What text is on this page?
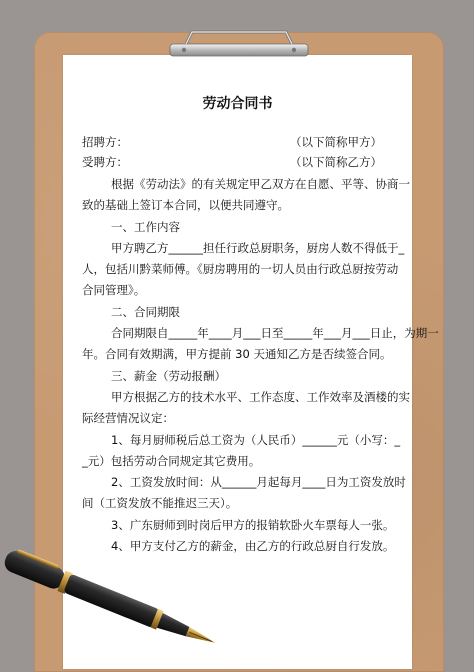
劳动合同书
招聘方：	（以下简称甲方）
受聘方：	（以下简称乙方）
根据《劳动法》的有关规定甲乙双方在自愿、平等、协商一
致的基础上签订本合同，以便共同遵守。
一、工作内容
甲方聘乙方______担任行政总厨职务，厨房人数不得低于_
人，包括川黔菜师傅。《厨房聘用的一切人员由行政总厨按劳动
合同管理》。
二、合同期限
合同期限自_____年____月___日至_____年___月___日止，为期一
年。合同有效期满，甲方提前 30 天通知乙方是否续签合同。
三、薪金（劳动报酬）
甲方根据乙方的技术水平、工作态度、工作效率及酒楼的实
际经营情况议定：
1、每月厨师税后总工资为（人民币）______元（小写：_
_元）包括劳动合同规定其它费用。
2、工资发放时间：从______月起每月____日为工资发放时
间（工资发放不能推迟三天）。
3、广东厨师到时岗后甲方的报销软卧火车票每人一张。
4、甲方支付乙方的薪金，由乙方的行政总厨自行发放。
